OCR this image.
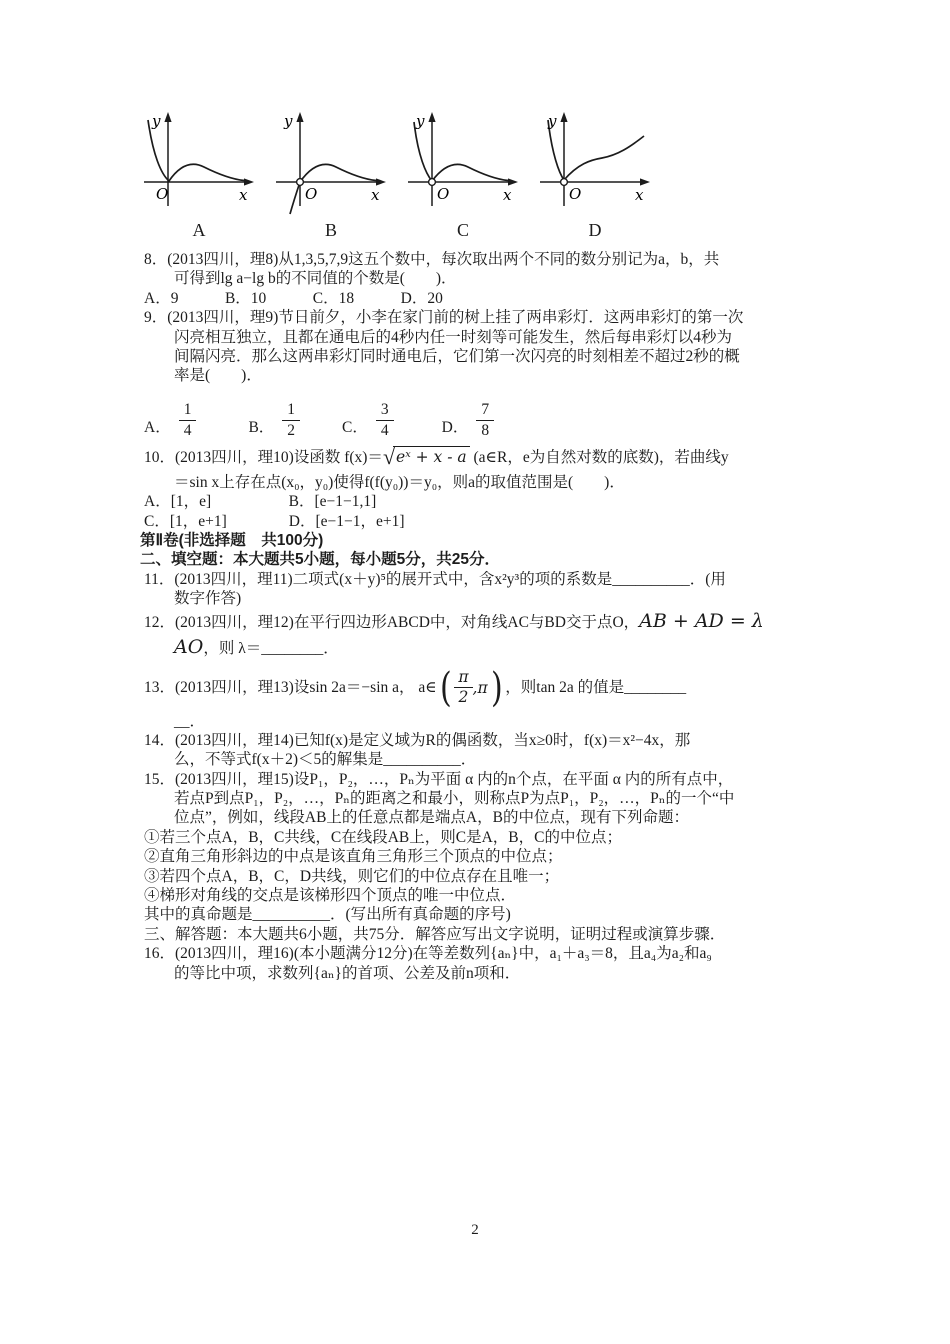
y
x
O
A
y
x
O
B
y
x
O
C
y
x
O
D
8．(2013四川，理8)从1,3,5,7,9这五个数中，每次取出两个不同的数分别记为a，b，共
可得到lg a−lg b的不同值的个数是(　　)．
A．9　　　B．10　　　C．18　　　D．20
9．(2013四川，理9)节日前夕，小李在家门前的树上挂了两串彩灯．这两串彩灯的第一次
闪亮相互独立，且都在通电后的4秒内任一时刻等可能发生，然后每串彩灯以4秒为
间隔闪亮．那么这两串彩灯同时通电后，它们第一次闪亮的时刻相差不超过2秒的概
率是(　　)．
A． $\frac{1}{4}$	B． $\frac{1}{2}$	C． $\frac{3}{4}$	D． $\frac{7}{8}$
10．(2013四川，理10)设函数 f(x)＝√eˣ + x - a (a∈R，e为自然对数的底数)，若曲线y
＝sin x上存在点(x₀，y₀)使得f(f(y₀))＝y₀，则a的取值范围是(　　)．
A．[1，e]　　　　　B．[e−1−1,1]
C．[1，e+1]　　　　D．[e−1−1，e+1]
第Ⅱ卷(非选择题　共100分)
二、填空题：本大题共5小题，每小题5分，共25分．
11．(2013四川，理11)二项式(x＋y)⁵的展开式中，含x²y³的项的系数是__________．(用
数字作答)
12．(2013四川，理12)在平行四边形ABCD中，对角线AC与BD交于点O，AB + AD = λ
AO，则 λ＝________．
13．(2013四川，理13)设sin 2a＝−sin a， a∈ ( $\frac{\pi}{2} ,\pi$ ) ，则tan 2a 的值是________
__．
14．(2013四川，理14)已知f(x)是定义域为R的偶函数，当x≥0时，f(x)＝x²−4x，那
么，不等式f(x＋2)＜5的解集是__________．
15．(2013四川，理15)设P₁，P₂，…，Pₙ为平面 α 内的n个点，在平面 α 内的所有点中，
若点P到点P₁，P₂，…，Pₙ的距离之和最小，则称点P为点P₁，P₂，…，Pₙ的一个“中
位点”，例如，线段AB上的任意点都是端点A，B的中位点，现有下列命题：
①若三个点A，B，C共线，C在线段AB上，则C是A，B，C的中位点；
②直角三角形斜边的中点是该直角三角形三个顶点的中位点；
③若四个点A，B，C，D共线，则它们的中位点存在且唯一；
④梯形对角线的交点是该梯形四个顶点的唯一中位点．
其中的真命题是__________．(写出所有真命题的序号)
三、解答题：本大题共6小题，共75分．解答应写出文字说明，证明过程或演算步骤．
16．(2013四川，理16)(本小题满分12分)在等差数列{aₙ}中，a₁＋a₃＝8，且a₄为a₂和a₉
的等比中项，求数列{aₙ}的首项、公差及前n项和．
2
